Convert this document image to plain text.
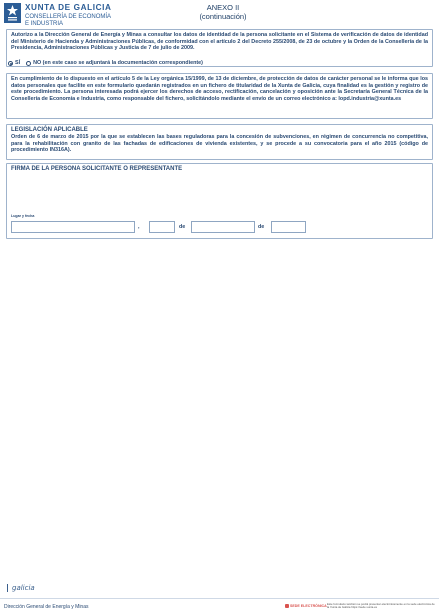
XUNTA DE GALICIA
CONSELLERÍA DE ECONOMÍA
E INDUSTRIA
ANEXO II
(continuación)
Autorizo a la Dirección General de Energía y Minas a consultar los datos de identidad de la persona solicitante en el Sistema de verificación de datos de identidad del Ministerio de Hacienda y Administraciones Públicas, de conformidad con el artículo 2 del Decreto 255/2008, de 23 de octubre y la Orden de la Consellería de la Presidencia, Administraciones Públicas y Justicia de 7 de julio de 2009.
SÍ NO (en este caso se adjuntará la documentación correspondiente)
En cumplimiento de lo dispuesto en el artículo 5 de la Ley orgánica 15/1999, de 13 de diciembre, de protección de datos de carácter personal se le informa que los datos personales que facilite en este formulario quedarán registrados en un fichero de titularidad de la Xunta de Galicia, cuya finalidad es la gestión y registro de este procedimiento. La persona interesada podrá ejercer los derechos de acceso, rectificación, cancelación y oposición ante la Secretaría General Técnica de la Consellería de Economía e Industria, como responsable del fichero, solicitándolo mediante el envío de un correo electrónico a: lopd.industria@xunta.es
LEGISLACIÓN APLICABLE
Orden de 6 de marzo de 2015 por la que se establecen las bases reguladoras para la concesión de subvenciones, en régimen de concurrencia no competitiva, para la rehabilitación con granito de las fachadas de edificaciones de vivienda existentes, y se procede a su convocatoria para el año 2015 (código de procedimiento IN316A).
FIRMA DE LA PERSONA SOLICITANTE O REPRESENTANTE
Lugar y fecha
,	de	de
galicia
Dirección General de Energía y Minas	SEDE ELECTRÓNICA Este formulario también se podrá presentar electrónicamente en la sede electrónica de la Xunta de Galicia https://sede.xunta.es
